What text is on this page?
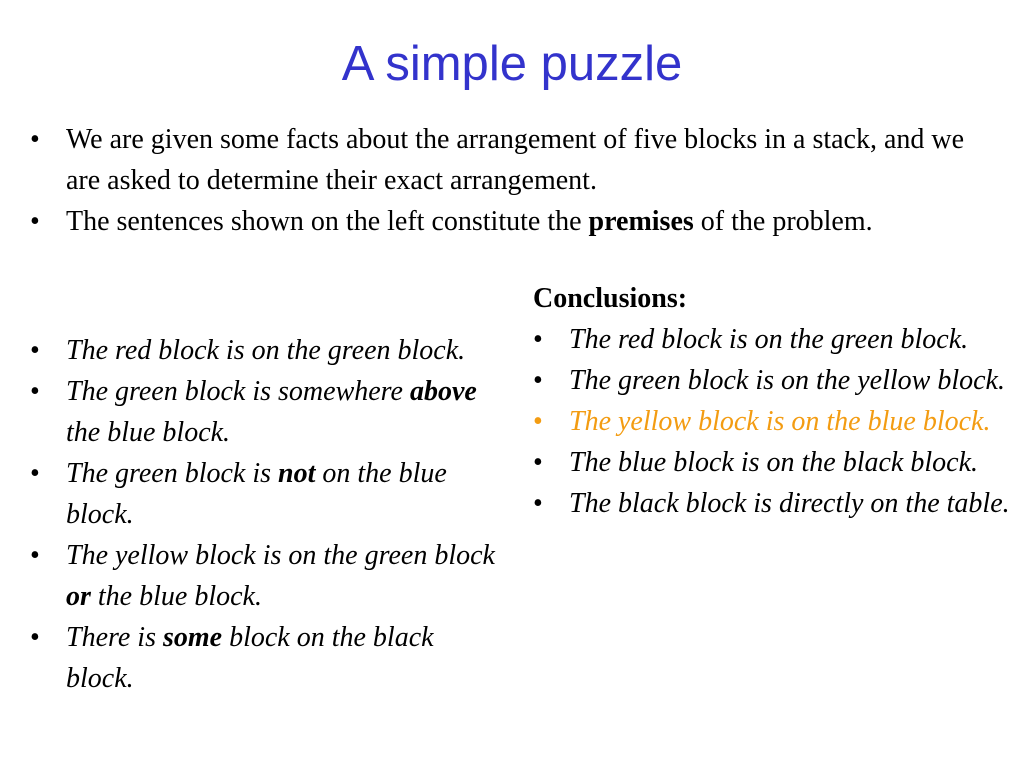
A simple puzzle
• We are given some facts about the arrangement of five blocks in a stack, and we are asked to determine their exact arrangement.
• The sentences shown on the left constitute the premises of the problem.
• The red block is on the green block.
• The green block is somewhere above the blue block.
• The green block is not on the blue block.
• The yellow block is on the green block or the blue block.
• There is some block on the black block.
Conclusions:
• The red block is on the green block.
• The green block is on the yellow block.
• The yellow block is on the blue block.
• The blue block is on the black block.
• The black block is directly on the table.
